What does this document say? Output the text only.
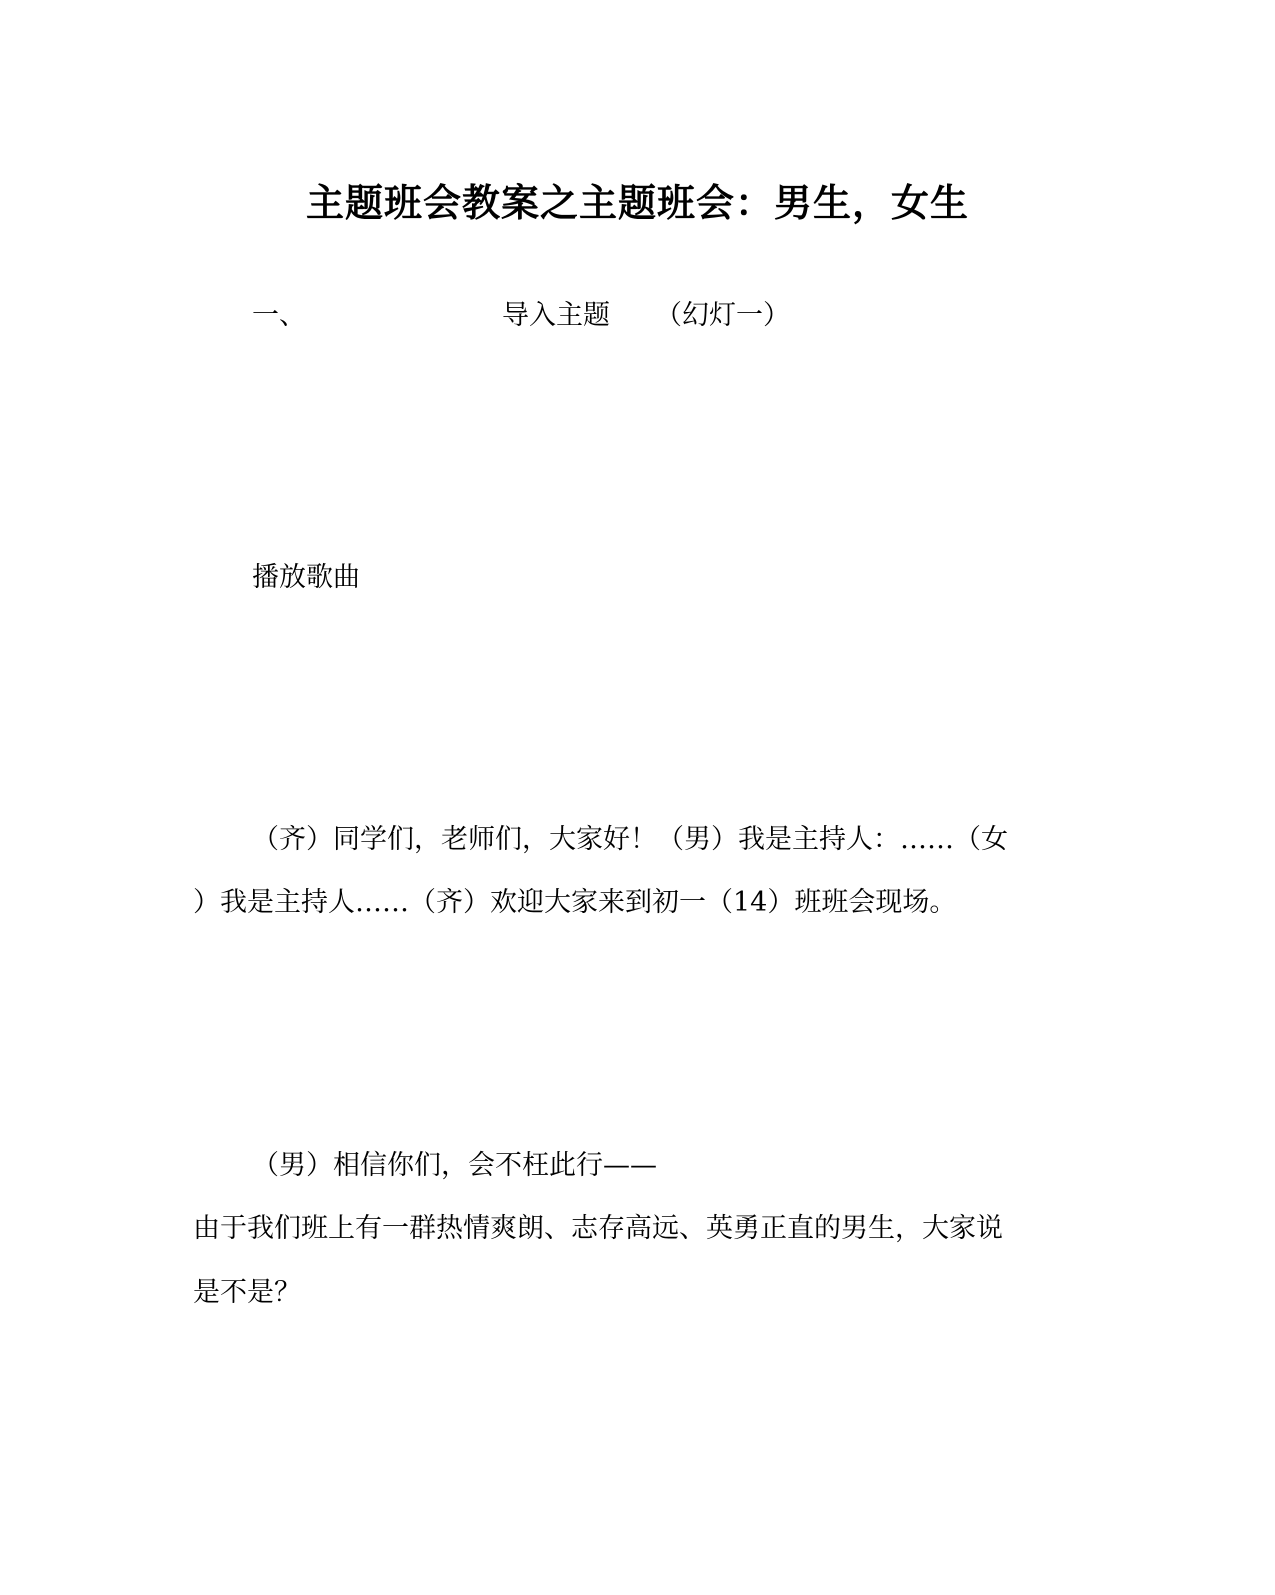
主题班会教案之主题班会：男生，女生

一、	导入主题 （幻灯一）

播放歌曲

（齐）同学们，老师们，大家好！（男）我是主持人：……（女

）我是主持人……（齐）欢迎大家来到初一（14）班班会现场。

（男）相信你们，会不枉此行——

由于我们班上有一群热情爽朗、志存高远、英勇正直的男生，大家说

是不是？
